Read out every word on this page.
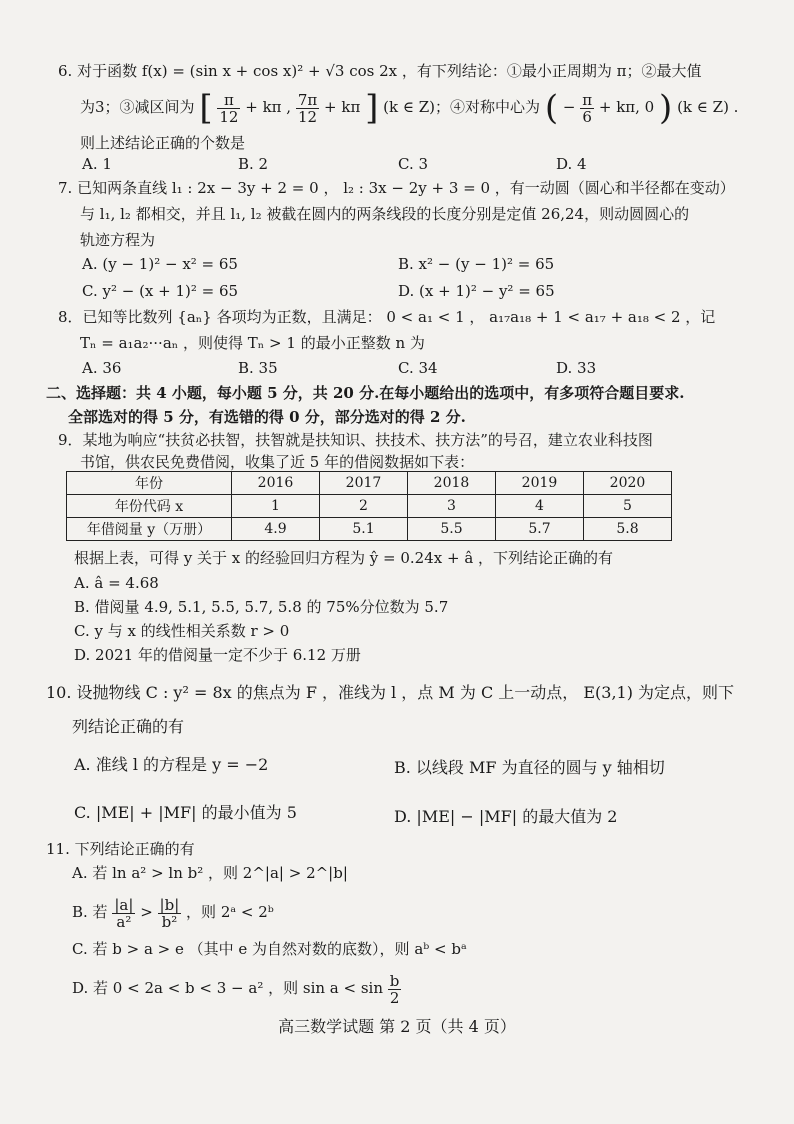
6. 对于函数 f(x) = (sin x + cos x)² + √3 cos 2x ，有下列结论：①最小正周期为 π；②最大值
为3；③减区间为 [ $\frac{\pi}{12} + k\pi$ , $\frac{7\pi}{12} + k\pi$ ] (k ∈ Z)；④对称中心为 ( − $\frac{\pi}{6} + k\pi$, 0 ) (k ∈ Z) .
则上述结论正确的个数是
A. 1	B. 2	C. 3	D. 4
7. 已知两条直线 l₁ : 2x − 3y + 2 = 0 ， l₂ : 3x − 2y + 3 = 0 ，有一动圆（圆心和半径都在变动）
与 l₁, l₂ 都相交，并且 l₁, l₂ 被截在圆内的两条线段的长度分别是定值 26,24，则动圆圆心的
轨迹方程为
A. (y − 1)² − x² = 65	B. x² − (y − 1)² = 65
C. y² − (x + 1)² = 65	D. (x + 1)² − y² = 65
8．已知等比数列 {aₙ} 各项均为正数，且满足： 0 < a₁ < 1 ， a₁₇a₁₈ + 1 < a₁₇ + a₁₈ < 2 ，记
Tₙ = a₁a₂···aₙ ，则使得 Tₙ > 1 的最小正整数 n 为
A. 36	B. 35	C. 34	D. 33
二、选择题：共 4 小题，每小题 5 分，共 20 分.在每小题给出的选项中，有多项符合题目要求.
全部选对的得 5 分，有选错的得 0 分，部分选对的得 2 分.
9．某地为响应“扶贫必扶智，扶智就是扶知识、扶技术、扶方法”的号召，建立农业科技图
书馆，供农民免费借阅，收集了近 5 年的借阅数据如下表：
年份	2016	2017	2018	2019	2020
年份代码 x	1	2	3	4	5
年借阅量 y（万册）	4.9	5.1	5.5	5.7	5.8
根据上表，可得 y 关于 x 的经验回归方程为 ŷ = 0.24x + â ，下列结论正确的有
A. â = 4.68
B. 借阅量 4.9, 5.1, 5.5, 5.7, 5.8 的 75%分位数为 5.7
C. y 与 x 的线性相关系数 r > 0
D. 2021 年的借阅量一定不少于 6.12 万册
10. 设抛物线 C : y² = 8x 的焦点为 F ，准线为 l ，点 M 为 C 上一动点， E(3,1) 为定点，则下
列结论正确的有
A. 准线 l 的方程是 y = −2	B. 以线段 MF 为直径的圆与 y 轴相切
C. |ME| + |MF| 的最小值为 5	D. |ME| − |MF| 的最大值为 2
11. 下列结论正确的有
A. 若 ln a² > ln b² ，则 2^|a| > 2^|b|
B. 若 $\frac{|a|}{\text{a²}} > \frac{|b|}{\text{b²}}$ ，则 2ᵃ < 2ᵇ
C. 若 b > a > e （其中 e 为自然对数的底数），则 aᵇ < bᵃ
D. 若 0 < 2a < b < 3 − a² ，则 $\sin a < \sin \frac{b}{2}$
高三数学试题 第 2 页（共 4 页）
